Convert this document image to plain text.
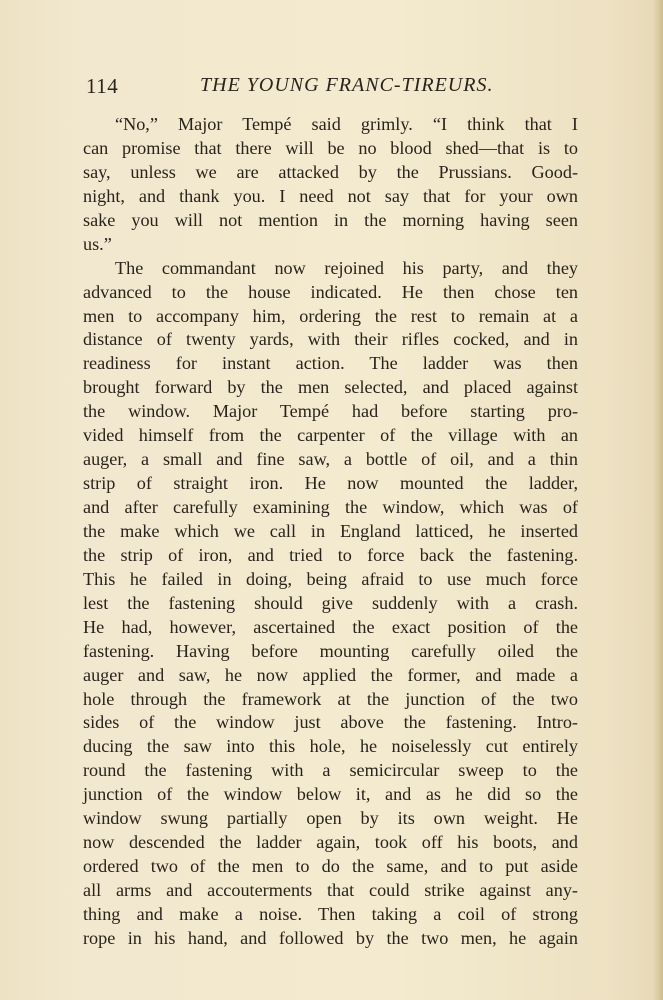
114	THE YOUNG FRANC-TIREURS.
“No,” Major Tempé said grimly. “I think that I
can promise that there will be no blood shed—that is to
say, unless we are attacked by the Prussians. Good-
night, and thank you. I need not say that for your own
sake you will not mention in the morning having seen
us.”
The commandant now rejoined his party, and they
advanced to the house indicated. He then chose ten
men to accompany him, ordering the rest to remain at a
distance of twenty yards, with their rifles cocked, and in
readiness for instant action. The ladder was then
brought forward by the men selected, and placed against
the window. Major Tempé had before starting pro-
vided himself from the carpenter of the village with an
auger, a small and fine saw, a bottle of oil, and a thin
strip of straight iron. He now mounted the ladder,
and after carefully examining the window, which was of
the make which we call in England latticed, he inserted
the strip of iron, and tried to force back the fastening.
This he failed in doing, being afraid to use much force
lest the fastening should give suddenly with a crash.
He had, however, ascertained the exact position of the
fastening. Having before mounting carefully oiled the
auger and saw, he now applied the former, and made a
hole through the framework at the junction of the two
sides of the window just above the fastening. Intro-
ducing the saw into this hole, he noiselessly cut entirely
round the fastening with a semicircular sweep to the
junction of the window below it, and as he did so the
window swung partially open by its own weight. He
now descended the ladder again, took off his boots, and
ordered two of the men to do the same, and to put aside
all arms and accouterments that could strike against any-
thing and make a noise. Then taking a coil of strong
rope in his hand, and followed by the two men, he again
